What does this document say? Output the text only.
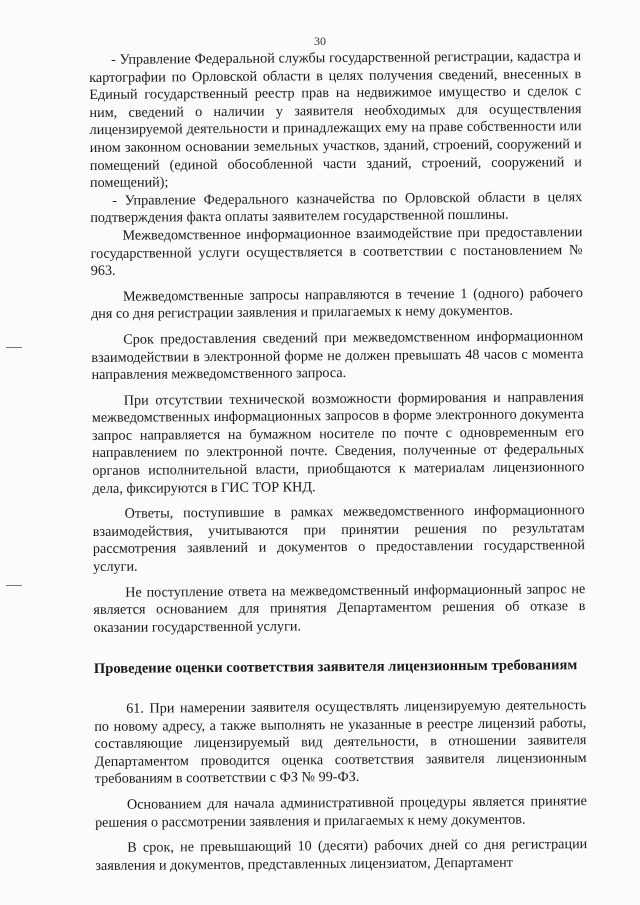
30

- Управление Федеральной службы государственной регистрации, кадастра и картографии по Орловской области в целях получения сведений, внесенных в Единый государственный реестр прав на недвижимое имущество и сделок с ним, сведений о наличии у заявителя необходимых для осуществления лицензируемой деятельности и принадлежащих ему на праве собственности или ином законном основании земельных участков, зданий, строений, сооружений и помещений (единой обособленной части зданий, строений, сооружений и помещений);

- Управление Федерального казначейства по Орловской области в целях подтверждения факта оплаты заявителем государственной пошлины.

Межведомственное информационное взаимодействие при предоставлении государственной услуги осуществляется в соответствии с постановлением № 963.

Межведомственные запросы направляются в течение 1 (одного) рабочего дня со дня регистрации заявления и прилагаемых к нему документов.

Срок предоставления сведений при межведомственном информационном взаимодействии в электронной форме не должен превышать 48 часов с момента направления межведомственного запроса.

При отсутствии технической возможности формирования и направления межведомственных информационных запросов в форме электронного документа запрос направляется на бумажном носителе по почте с одновременным его направлением по электронной почте. Сведения, полученные от федеральных органов исполнительной власти, приобщаются к материалам лицензионного дела, фиксируются в ГИС ТОР КНД.

Ответы, поступившие в рамках межведомственного информационного взаимодействия, учитываются при принятии решения по результатам рассмотрения заявлений и документов о предоставлении государственной услуги.

Не поступление ответа на межведомственный информационный запрос не является основанием для принятия Департаментом решения об отказе в оказании государственной услуги.

Проведение оценки соответствия заявителя лицензионным требованиям

61. При намерении заявителя осуществлять лицензируемую деятельность по новому адресу, а также выполнять не указанные в реестре лицензий работы, составляющие лицензируемый вид деятельности, в отношении заявителя Департаментом проводится оценка соответствия заявителя лицензионным требованиям в соответствии с ФЗ № 99-ФЗ.

Основанием для начала административной процедуры является принятие решения о рассмотрении заявления и прилагаемых к нему документов.

В срок, не превышающий 10 (десяти) рабочих дней со дня регистрации заявления и документов, представленных лицензиатом, Департамент
